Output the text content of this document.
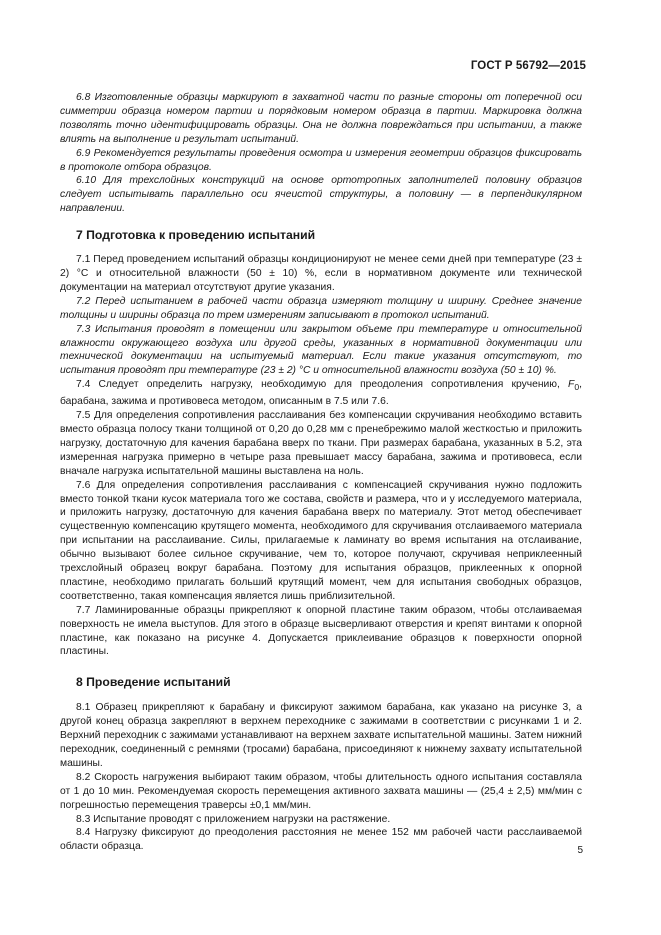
ГОСТ Р 56792—2015

6.8 Изготовленные образцы маркируют в захватной части по разные стороны от поперечной оси симметрии образца номером партии и порядковым номером образца в партии. Маркировка должна позволять точно идентифицировать образцы. Она не должна повреждаться при испытании, а также влиять на выполнение и результат испытаний.

6.9 Рекомендуется результаты проведения осмотра и измерения геометрии образцов фиксировать в протоколе отбора образцов.

6.10 Для трехслойных конструкций на основе ортотропных заполнителей половину образцов следует испытывать параллельно оси ячеистой структуры, а половину — в перпендикулярном направлении.

7 Подготовка к проведению испытаний

7.1 Перед проведением испытаний образцы кондиционируют не менее семи дней при температуре (23 ± 2) °С и относительной влажности (50 ± 10) %, если в нормативном документе или технической документации на материал отсутствуют другие указания.

7.2 Перед испытанием в рабочей части образца измеряют толщину и ширину. Среднее значение толщины и ширины образца по трем измерениям записывают в протокол испытаний.

7.3 Испытания проводят в помещении или закрытом объеме при температуре и относительной влажности окружающего воздуха или другой среды, указанных в нормативной документации или технической документации на испытуемый материал. Если такие указания отсутствуют, то испытания проводят при температуре (23 ± 2) °С и относительной влажности воздуха (50 ± 10) %.

7.4 Следует определить нагрузку, необходимую для преодоления сопротивления кручению, $F_0$, барабана, зажима и противовеса методом, описанным в 7.5 или 7.6.

7.5 Для определения сопротивления расслаивания без компенсации скручивания необходимо вставить вместо образца полосу ткани толщиной от 0,20 до 0,28 мм с пренебрежимо малой жесткостью и приложить нагрузку, достаточную для качения барабана вверх по ткани. При размерах барабана, указанных в 5.2, эта измеренная нагрузка примерно в четыре раза превышает массу барабана, зажима и противовеса, если вначале нагрузка испытательной машины выставлена на ноль.

7.6 Для определения сопротивления расслаивания с компенсацией скручивания нужно подложить вместо тонкой ткани кусок материала того же состава, свойств и размера, что и у исследуемого материала, и приложить нагрузку, достаточную для качения барабана вверх по материалу. Этот метод обеспечивает существенную компенсацию крутящего момента, необходимого для скручивания отслаиваемого материала при испытании на расслаивание. Силы, прилагаемые к ламинату во время испытания на отслаивание, обычно вызывают более сильное скручивание, чем то, которое получают, скручивая неприклеенный трехслойный образец вокруг барабана. Поэтому для испытания образцов, приклеенных к опорной пластине, необходимо прилагать больший крутящий момент, чем для испытания свободных образцов, соответственно, такая компенсация является лишь приблизительной.

7.7 Ламинированные образцы прикрепляют к опорной пластине таким образом, чтобы отслаиваемая поверхность не имела выступов. Для этого в образце высверливают отверстия и крепят винтами к опорной пластине, как показано на рисунке 4. Допускается приклеивание образцов к поверхности опорной пластины.

8 Проведение испытаний

8.1 Образец прикрепляют к барабану и фиксируют зажимом барабана, как указано на рисунке 3, а другой конец образца закрепляют в верхнем переходнике с зажимами в соответствии с рисунками 1 и 2. Верхний переходник с зажимами устанавливают на верхнем захвате испытательной машины. Затем нижний переходник, соединенный с ремнями (тросами) барабана, присоединяют к нижнему захвату испытательной машины.

8.2 Скорость нагружения выбирают таким образом, чтобы длительность одного испытания составляла от 1 до 10 мин. Рекомендуемая скорость перемещения активного захвата машины — (25,4 ± 2,5) мм/мин с погрешностью перемещения траверсы ±0,1 мм/мин.

8.3 Испытание проводят с приложением нагрузки на растяжение.

8.4 Нагрузку фиксируют до преодоления расстояния не менее 152 мм рабочей части расслаиваемой области образца.	5
